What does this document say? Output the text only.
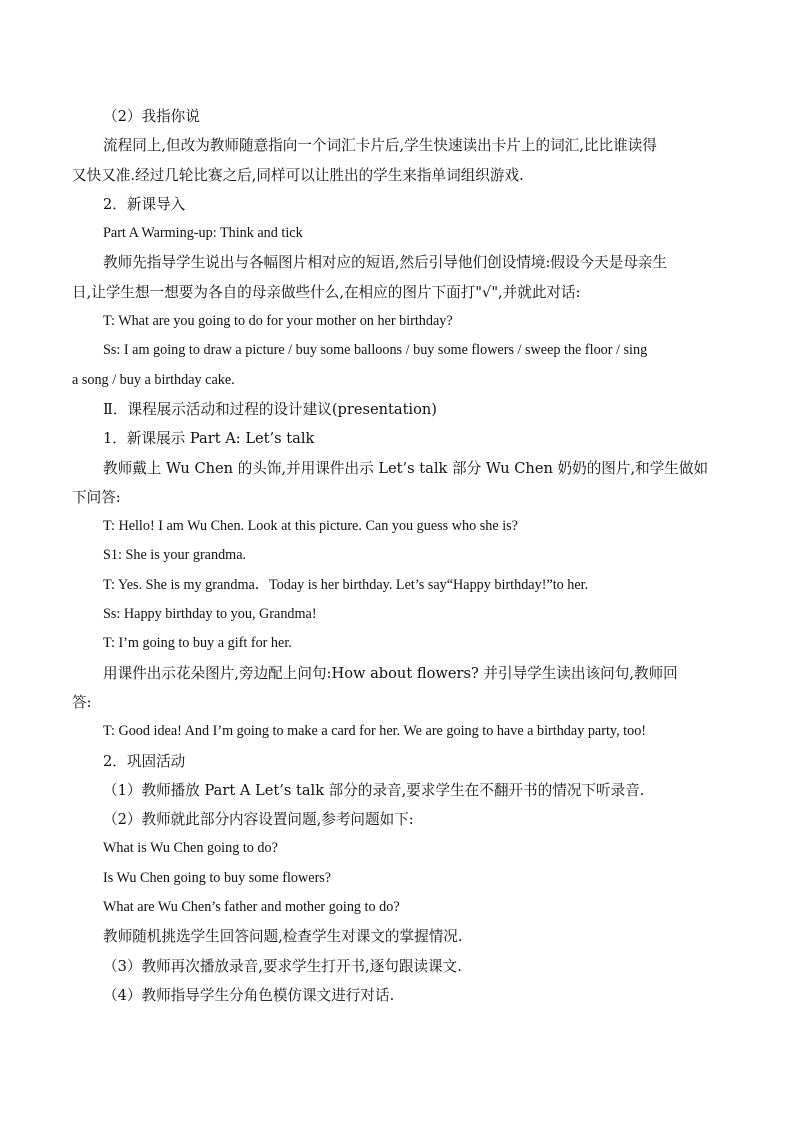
（2）我指你说
流程同上,但改为教师随意指向一个词汇卡片后,学生快速读出卡片上的词汇,比比谁读得
又快又准.经过几轮比赛之后,同样可以让胜出的学生来指单词组织游戏.
2．新课导入
Part A Warming-up: Think and tick
教师先指导学生说出与各幅图片相对应的短语,然后引导他们创设情境:假设今天是母亲生
日,让学生想一想要为各自的母亲做些什么,在相应的图片下面打"√",并就此对话:
T: What are you going to do for your mother on her birthday?
Ss: I am going to draw a picture / buy some balloons / buy some flowers / sweep the floor / sing
a song / buy a birthday cake.
Ⅱ．课程展示活动和过程的设计建议(presentation)
1．新课展示 Part A: Let’s talk
教师戴上 Wu Chen 的头饰,并用课件出示 Let’s talk 部分 Wu Chen 奶奶的图片,和学生做如
下问答:
T: Hello! I am Wu Chen. Look at this picture. Can you guess who she is?
S1: She is your grandma.
T: Yes. She is my grandma．Today is her birthday. Let’s say“Happy birthday!”to her.
Ss: Happy birthday to you, Grandma!
T: I’m going to buy a gift for her.
用课件出示花朵图片,旁边配上问句:How about flowers? 并引导学生读出该问句,教师回
答:
T: Good idea! And I’m going to make a card for her. We are going to have a birthday party, too!
2．巩固活动
（1）教师播放 Part A Let’s talk 部分的录音,要求学生在不翻开书的情况下听录音.
（2）教师就此部分内容设置问题,参考问题如下:
What is Wu Chen going to do?
Is Wu Chen going to buy some flowers?
What are Wu Chen’s father and mother going to do?
教师随机挑选学生回答问题,检查学生对课文的掌握情况.
（3）教师再次播放录音,要求学生打开书,逐句跟读课文.
（4）教师指导学生分角色模仿课文进行对话.
